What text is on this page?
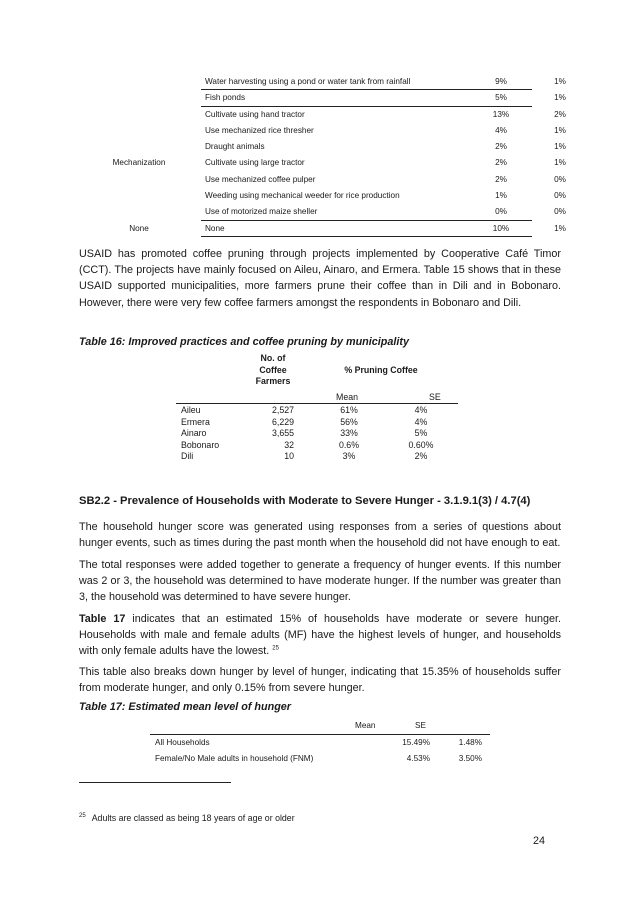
Water harvesting using a pond or water tank from rainfall	9%	1%
Fish ponds	5%	1%
Cultivate using hand tractor	13%	2%
Use mechanized rice thresher	4%	1%
Draught animals	2%	1%
Mechanization	Cultivate using large tractor	2%	1%
Use mechanized coffee pulper	2%	0%
Weeding using mechanical weeder for rice production	1%	0%
Use of motorized maize sheller	0%	0%
None	None	10%	1%

USAID has promoted coffee pruning through projects implemented by Cooperative Café Timor (CCT). The projects have mainly focused on Aileu, Ainaro, and Ermera. Table 15 shows that in these USAID supported municipalities, more farmers prune their coffee than in Dili and in Bobonaro. However, there were very few coffee farmers amongst the respondents in Bobonaro and Dili.

Table 16: Improved practices and coffee pruning by municipality

No. of
Coffee
Farmers
% Pruning Coffee
Mean	SE
Aileu	2,527	61%	4%
Ermera	6,229	56%	4%
Ainaro	3,655	33%	5%
Bobonaro	32	0.6%	0.60%
Dili	10	3%	2%

SB2.2 - Prevalence of Households with Moderate to Severe Hunger - 3.1.9.1(3) / 4.7(4)

The household hunger score was generated using responses from a series of questions about hunger events, such as times during the past month when the household did not have enough to eat.

The total responses were added together to generate a frequency of hunger events. If this number was 2 or 3, the household was determined to have moderate hunger. If the number was greater than 3, the household was determined to have severe hunger.

Table 17 indicates that an estimated 15% of households have moderate or severe hunger. Households with male and female adults (MF) have the highest levels of hunger, and households with only female adults have the lowest. $^{25}$

This table also breaks down hunger by level of hunger, indicating that 15.35% of households suffer from moderate hunger, and only 0.15% from severe hunger.

Table 17: Estimated mean level of hunger

Mean	SE
All Households	15.49%	1.48%
Female/No Male adults in household (FNM)	4.53%	3.50%
$^{25}$ Adults are classed as being 18 years of age or older
24
